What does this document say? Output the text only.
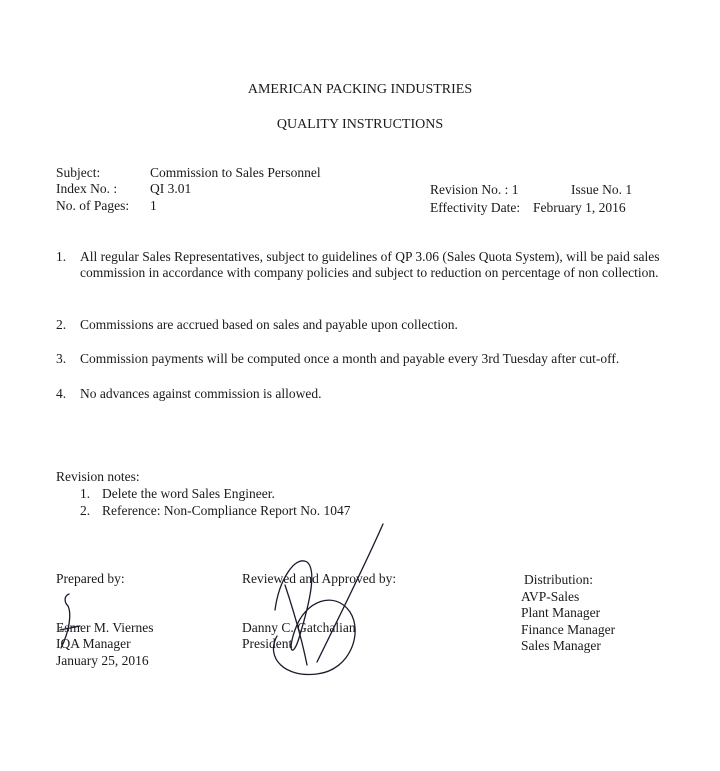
AMERICAN PACKING INDUSTRIES
QUALITY INSTRUCTIONS
Subject:	Commission to Sales Personnel
Index No. : QI 3.01
No. of Pages: 1
Revision No. : 1	Issue No. 1
Effectivity Date: February 1, 2016
1.	All regular Sales Representatives, subject to guidelines of QP 3.06 (Sales Quota System), will be paid sales commission in accordance with company policies and subject to reduction on percentage of non collection.
2.	Commissions are accrued based on sales and payable upon collection.
3.	Commission payments will be computed once a month and payable every 3rd Tuesday after cut-off.
4.	No advances against commission is allowed.
Revision notes:
1. Delete the word Sales Engineer.
2. Reference: Non-Compliance Report No. 1047
Prepared by:
Esmer M. Viernes
IQA Manager
January 25, 2016
Reviewed and Approved by:
Danny C. Gatchalian
President
Distribution:
AVP-Sales
Plant Manager
Finance Manager
Sales Manager
